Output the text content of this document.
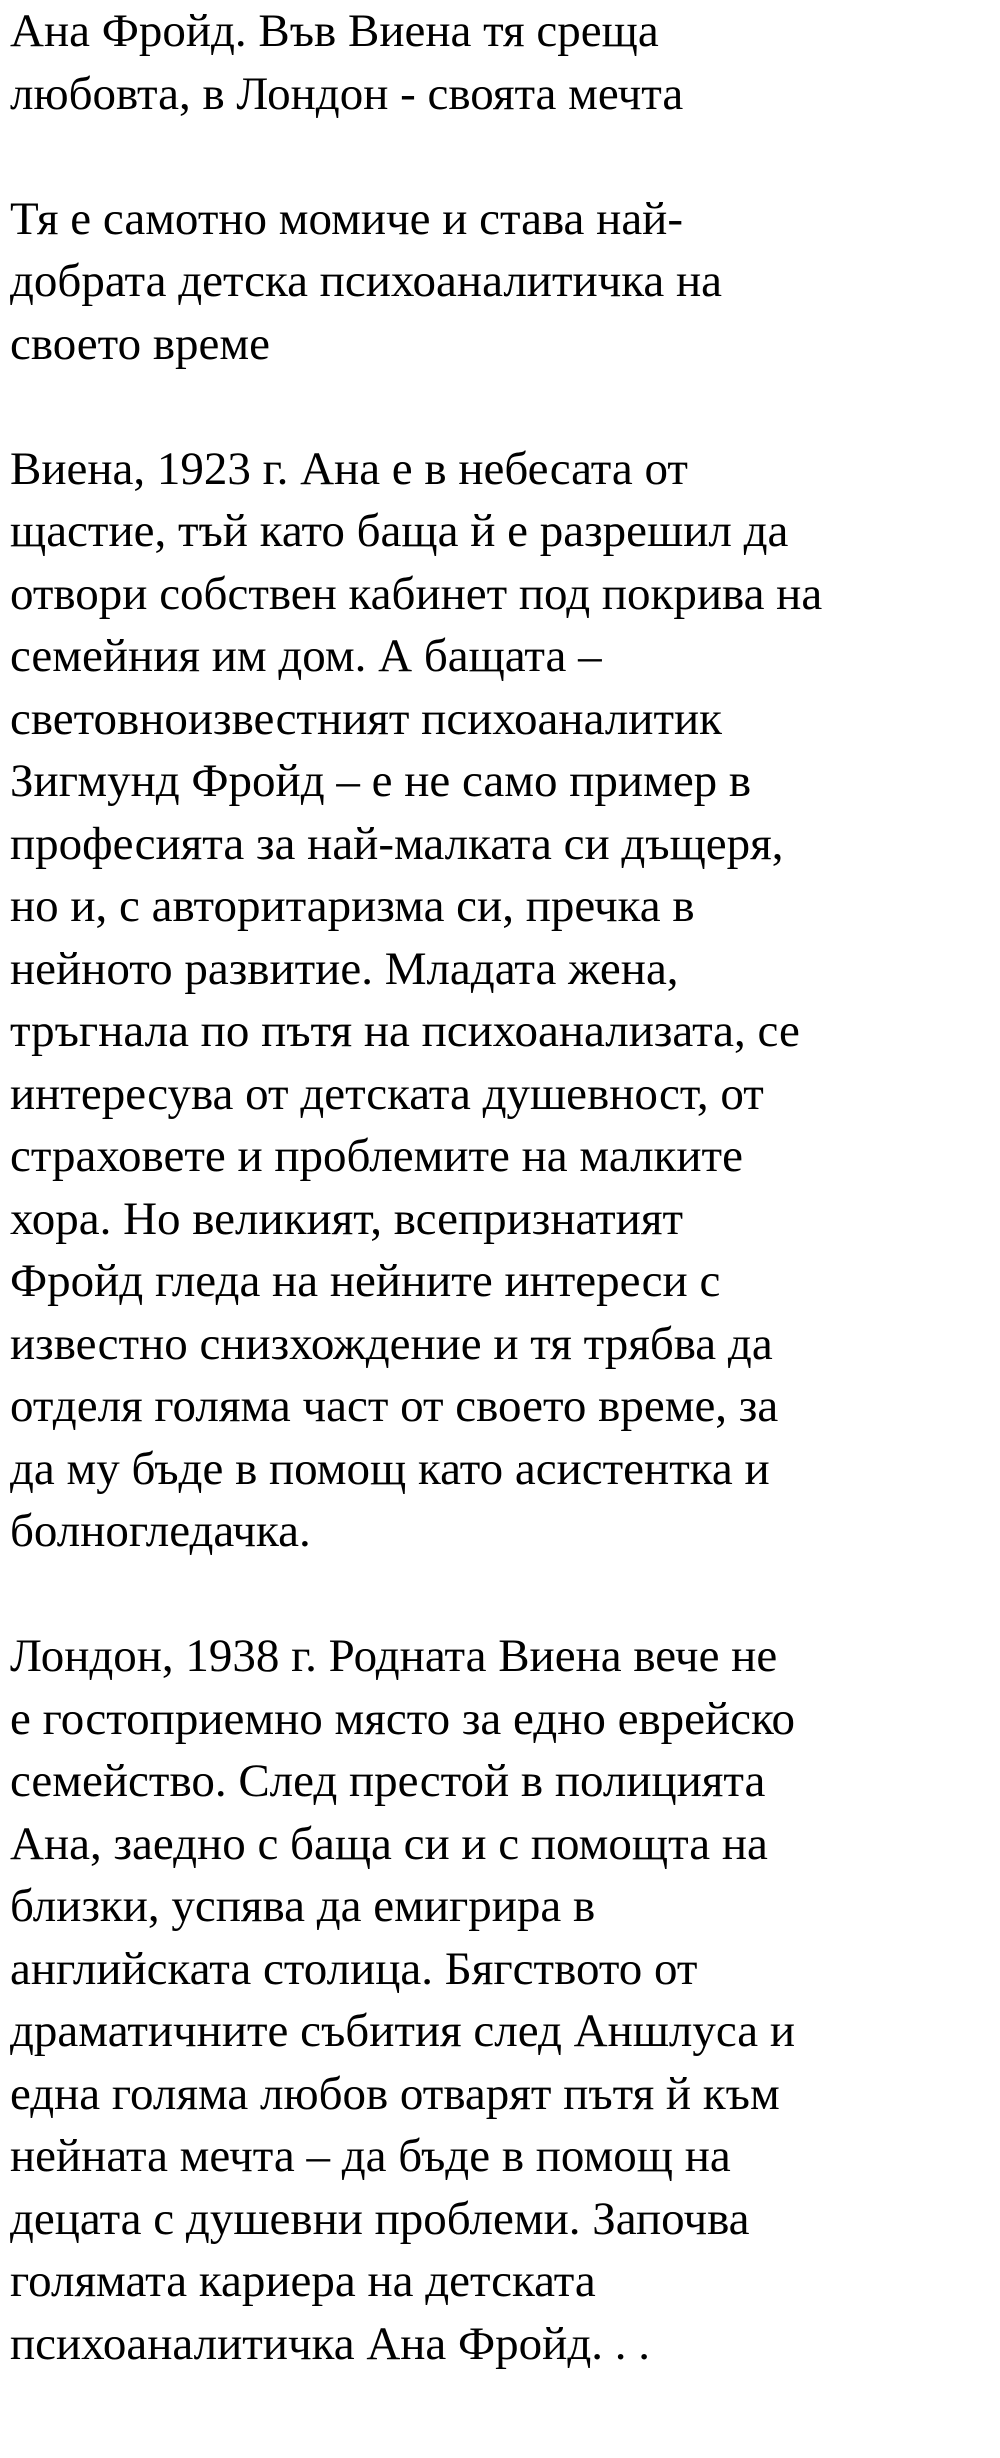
Ана Фройд. Във Виена тя среща
любовта, в Лондон - своята мечта

Тя е самотно момиче и става най-
добрата детска психоаналитичка на
своето време

Виена, 1923 г. Ана е в небесата от
щастие, тъй като баща й е разрешил да
отвори собствен кабинет под покрива на
семейния им дом. А бащата –
световноизвестният психоаналитик
Зигмунд Фройд – е не само пример в
професията за най-малката си дъщеря,
но и, с авторитаризма си, пречка в
нейното развитие. Младата жена,
тръгнала по пътя на психоанализата, се
интересува от детската душевност, от
страховете и проблемите на малките
хора. Но великият, всепризнатият
Фройд гледа на нейните интереси с
известно снизхождение и тя трябва да
отделя голяма част от своето време, за
да му бъде в помощ като асистентка и
болногледачка.

Лондон, 1938 г. Родната Виена вече не
е гостоприемно място за едно еврейско
семейство. След престой в полицията
Ана, заедно с баща си и с помощта на
близки, успява да емигрира в
английската столица. Бягството от
драматичните събития след Аншлуса и
една голяма любов отварят пътя й към
нейната мечта – да бъде в помощ на
децата с душевни проблеми. Започва
голямата кариера на детската
психоаналитичка Ана Фройд. . .
